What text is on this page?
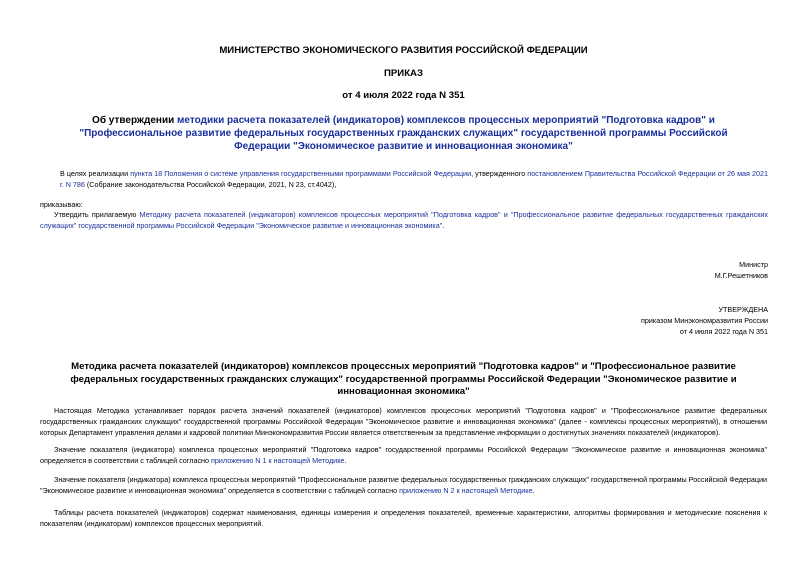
МИНИСТЕРСТВО ЭКОНОМИЧЕСКОГО РАЗВИТИЯ РОССИЙСКОЙ ФЕДЕРАЦИИ
ПРИКАЗ
от 4 июля 2022 года N 351
Об утверждении методики расчета показателей (индикаторов) комплексов процессных мероприятий "Подготовка кадров" и "Профессиональное развитие федеральных государственных гражданских служащих" государственной программы Российской Федерации "Экономическое развитие и инновационная экономика"
В целях реализации пункта 18 Положения о системе управления государственными программами Российской Федерации, утвержденного постановлением Правительства Российской Федерации от 26 мая 2021 г. N 786 (Собрание законодательства Российской Федерации, 2021, N 23, ст.4042),
приказываю:
Утвердить прилагаемую Методику расчета показателей (индикаторов) комплексов процессных мероприятий "Подготовка кадров" и "Профессиональное развитие федеральных государственных гражданских служащих" государственной программы Российской Федерации "Экономическое развитие и инновационная экономика".
Министр
М.Г.Решетников
УТВЕРЖДЕНА
приказом Минэкономразвития России
от 4 июля 2022 года N 351
Методика расчета показателей (индикаторов) комплексов процессных мероприятий "Подготовка кадров" и "Профессиональное развитие федеральных государственных гражданских служащих" государственной программы Российской Федерации "Экономическое развитие и инновационная экономика"
Настоящая Методика устанавливает порядок расчета значений показателей (индикаторов) комплексов процессных мероприятий "Подготовка кадров" и "Профессиональное развитие федеральных государственных гражданских служащих" государственной программы Российской Федерации "Экономическое развитие и инновационная экономика" (далее - комплексы процессных мероприятий), в отношении которых Департамент управления делами и кадровой политики Минэкономразвития России является ответственным за представление информации о достигнутых значениях показателей (индикаторов).
Значение показателя (индикатора) комплекса процессных мероприятий "Подготовка кадров" государственной программы Российской Федерации "Экономическое развитие и инновационная экономика" определяется в соответствии с таблицей согласно приложению N 1 к настоящей Методике.
Значение показателя (индикатора) комплекса процессных мероприятий "Профессиональное развитие федеральных государственных гражданских служащих" государственной программы Российской Федерации "Экономическое развитие и инновационная экономика" определяется в соответствии с таблицей согласно приложению N 2 к настоящей Методике.
Таблицы расчета показателей (индикаторов) содержат наименования, единицы измерения и определения показателей, временные характеристики, алгоритмы формирования и методические пояснения к показателям (индикаторам) комплексов процессных мероприятий.
